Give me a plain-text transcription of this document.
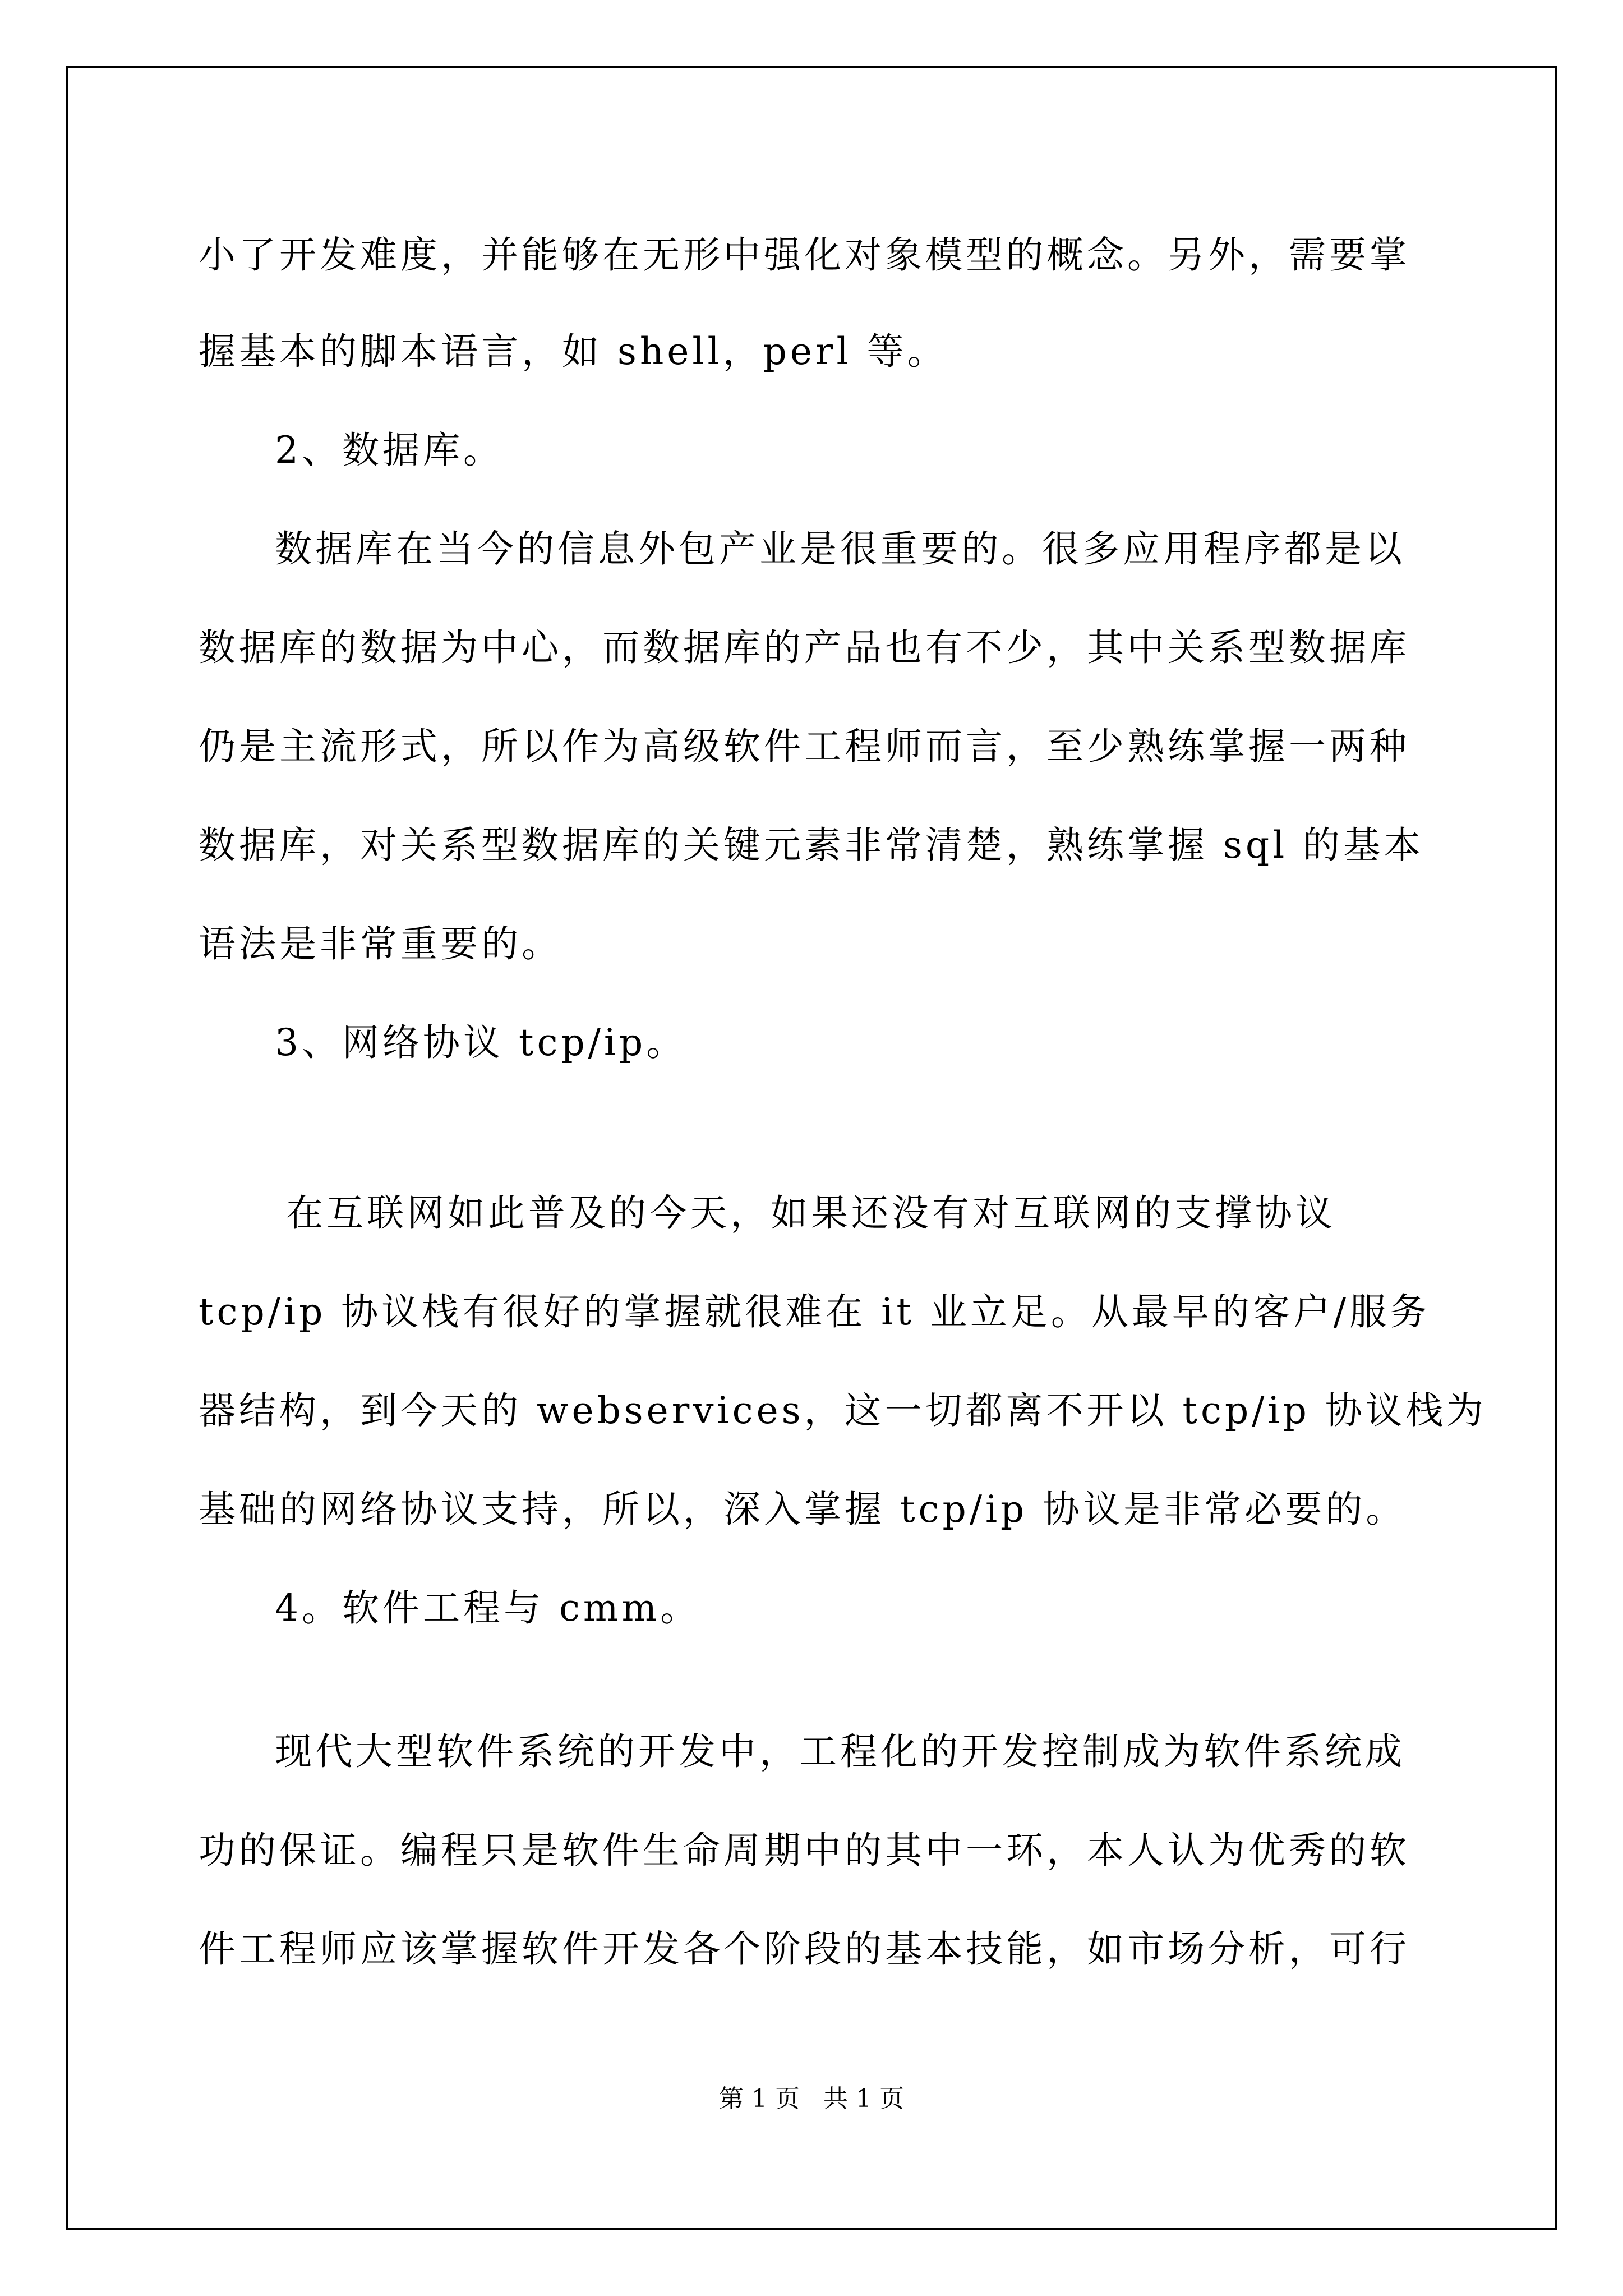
小了开发难度，并能够在无形中强化对象模型的概念。另外，需要掌
握基本的脚本语言，如 shell，perl 等。
2、数据库。
数据库在当今的信息外包产业是很重要的。很多应用程序都是以
数据库的数据为中心，而数据库的产品也有不少，其中关系型数据库
仍是主流形式，所以作为高级软件工程师而言，至少熟练掌握一两种
数据库，对关系型数据库的关键元素非常清楚，熟练掌握 sql 的基本
语法是非常重要的。
3、网络协议 tcp/ip。
在互联网如此普及的今天，如果还没有对互联网的支撑协议
tcp/ip 协议栈有很好的掌握就很难在 it 业立足。从最早的客户/服务
器结构，到今天的 webservices，这一切都离不开以 tcp/ip 协议栈为
基础的网络协议支持，所以，深入掌握 tcp/ip 协议是非常必要的。
4。软件工程与 cmm。
现代大型软件系统的开发中，工程化的开发控制成为软件系统成
功的保证。编程只是软件生命周期中的其中一环，本人认为优秀的软
件工程师应该掌握软件开发各个阶段的基本技能，如市场分析，可行
第 1 页   共 1 页
